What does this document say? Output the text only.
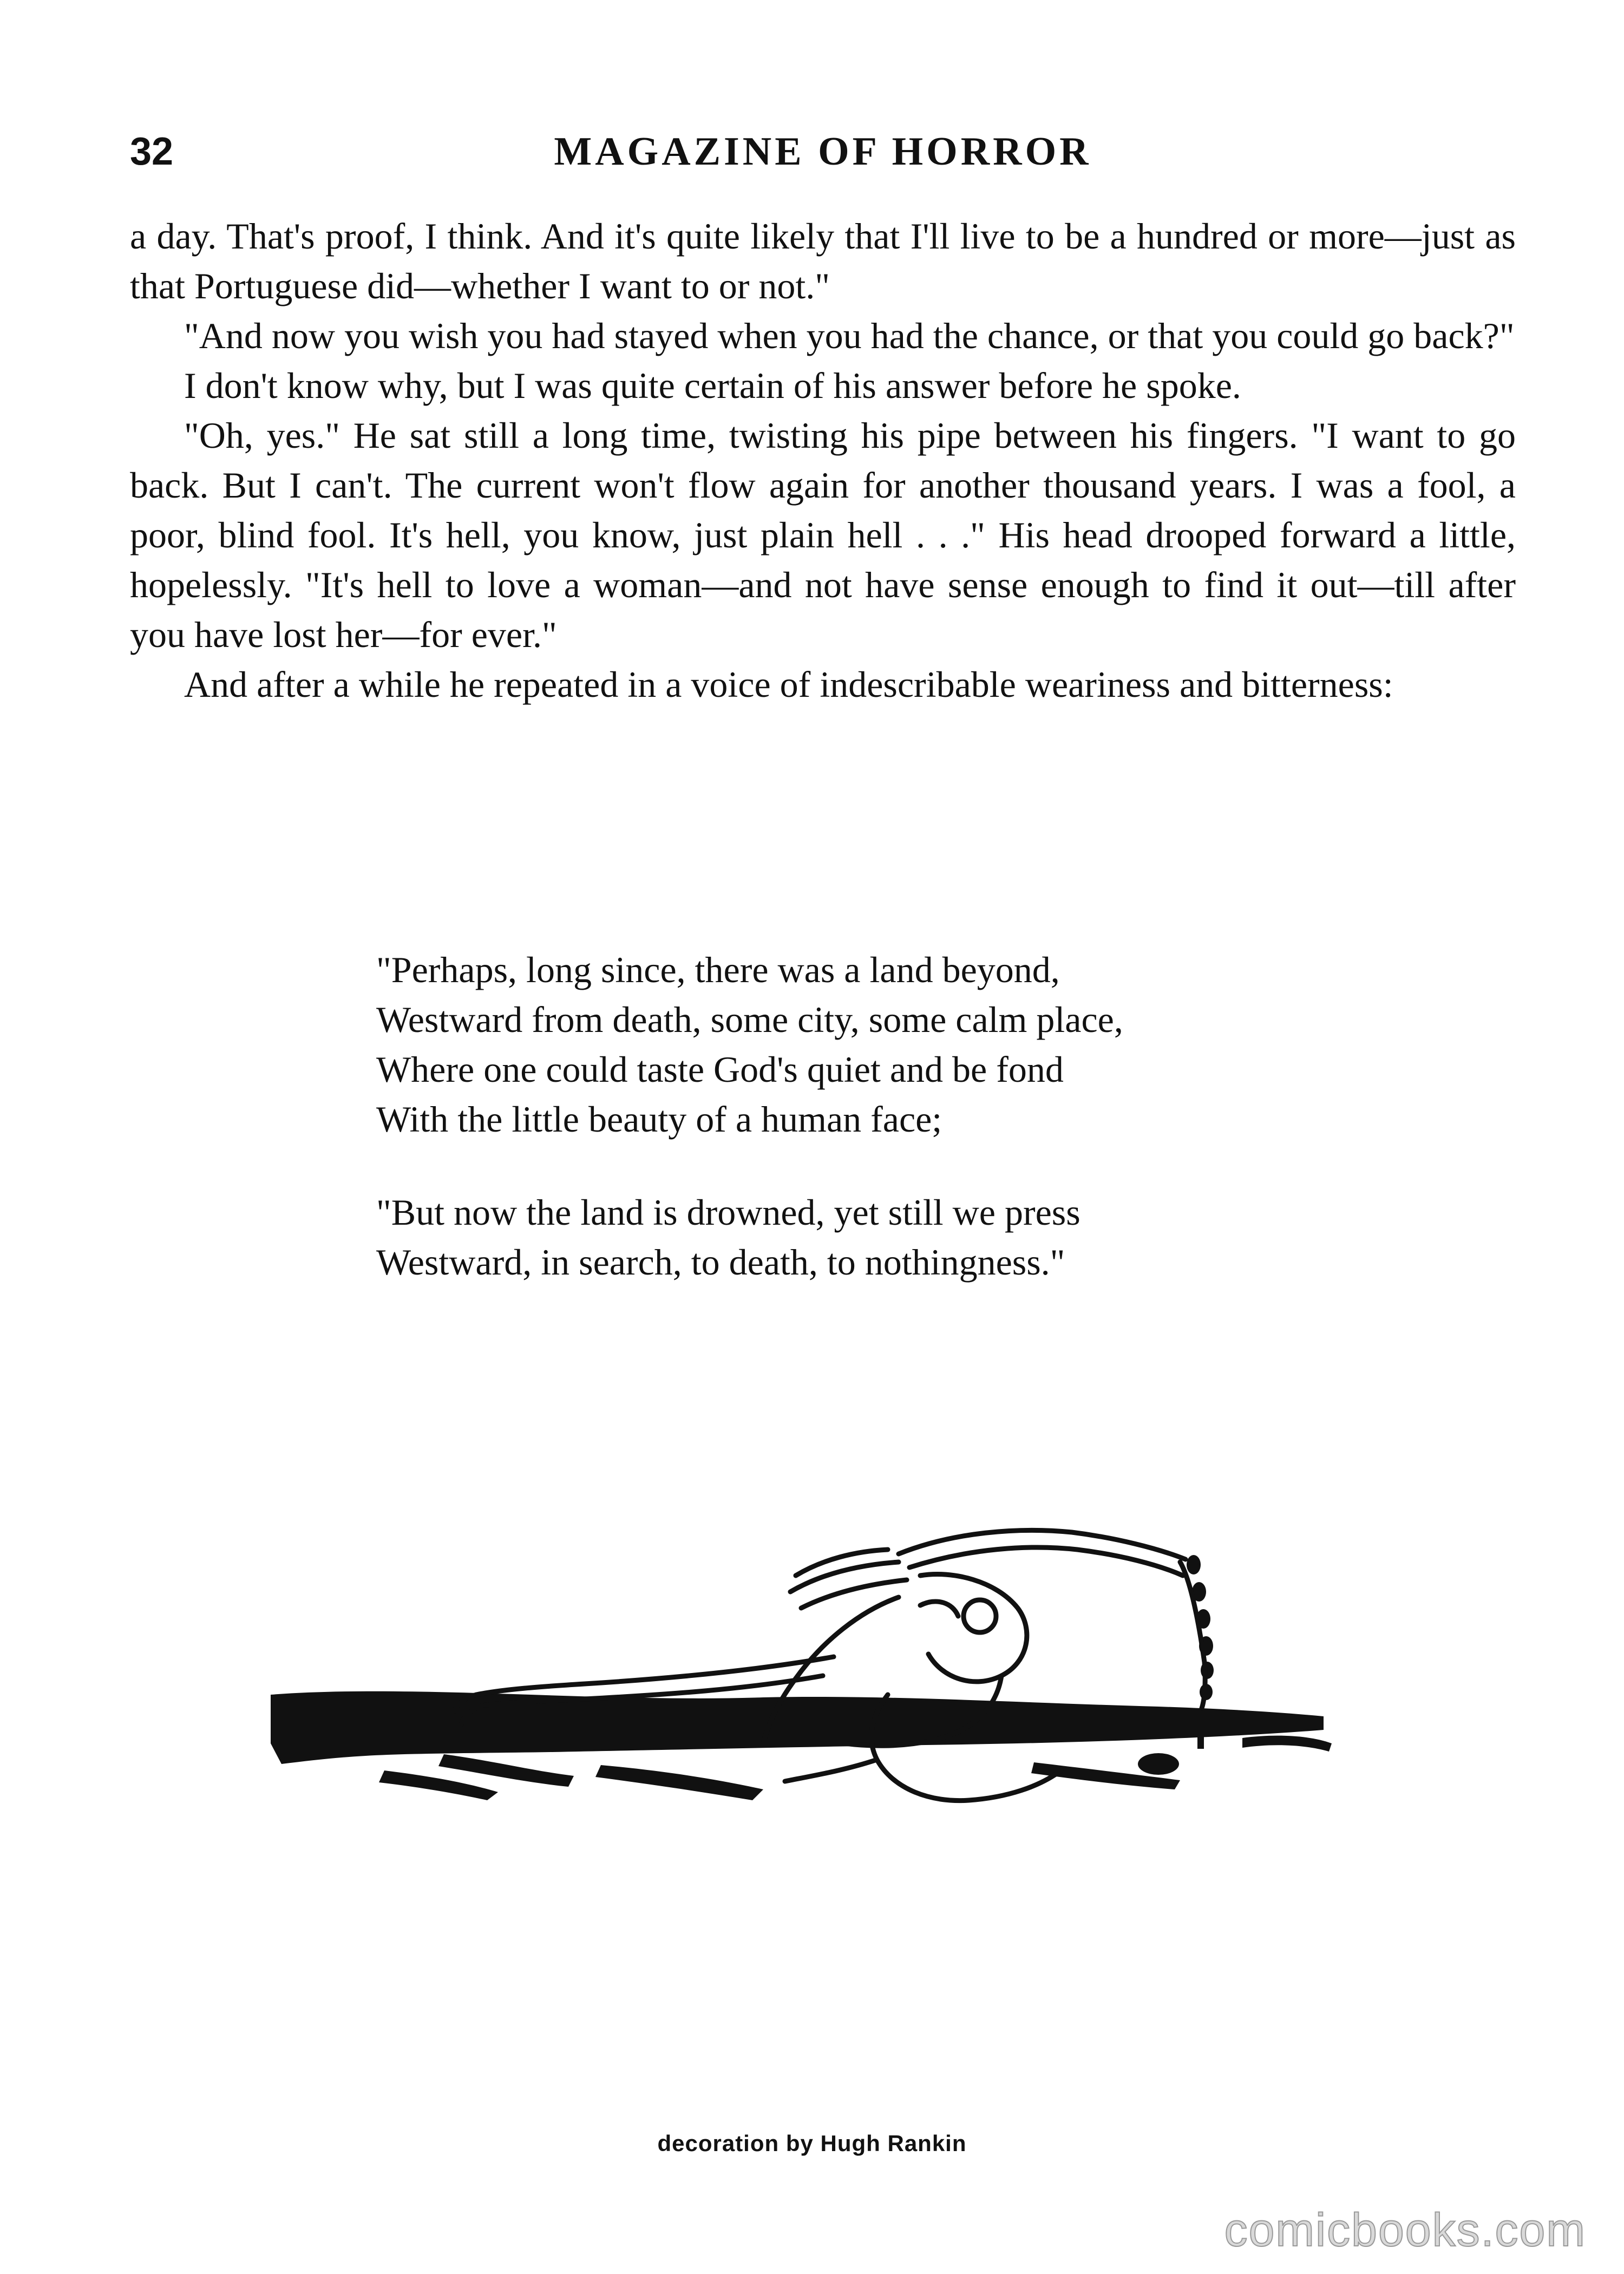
32	MAGAZINE OF HORROR

a day. That's proof, I think. And it's quite likely that I'll live to be a hundred or more—just as that Portuguese did—whether I want to or not."

"And now you wish you had stayed when you had the chance, or that you could go back?"

I don't know why, but I was quite certain of his answer before he spoke.

"Oh, yes." He sat still a long time, twisting his pipe between his fingers. "I want to go back. But I can't. The current won't flow again for another thousand years. I was a fool, a poor, blind fool. It's hell, you know, just plain hell . . ." His head drooped forward a little, hopelessly. "It's hell to love a woman—and not have sense enough to find it out—till after you have lost her—for ever."

And after a while he repeated in a voice of indescribable weariness and bitterness:

"Perhaps, long since, there was a land beyond,
Westward from death, some city, some calm place,
Where one could taste God's quiet and be fond
With the little beauty of a human face;
"But now the land is drowned, yet still we press
Westward, in search, to death, to nothingness."
decoration by Hugh Rankin
comicbooks.com
